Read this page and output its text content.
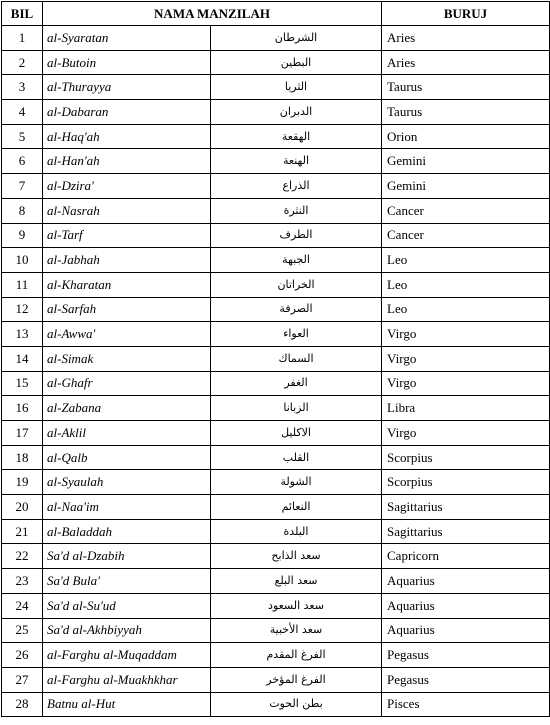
BIL	NAMA MANZILAH		BURUJ
1	al-Syaratan	الشرطان	Aries
2	al-Butoin	البطين	Aries
3	al-Thurayya	الثريا	Taurus
4	al-Dabaran	الدبران	Taurus
5	al-Haq'ah	الهقعة	Orion
6	al-Han'ah	الهنعة	Gemini
7	al-Dzira'	الذراع	Gemini
8	al-Nasrah	النثرة	Cancer
9	al-Tarf	الطرف	Cancer
10	al-Jabhah	الجبهة	Leo
11	al-Kharatan	الخراتان	Leo
12	al-Sarfah	الصرفة	Leo
13	al-Awwa'	العواء	Virgo
14	al-Simak	السماك	Virgo
15	al-Ghafr	الغفر	Virgo
16	al-Zabana	الزبانا	Libra
17	al-Aklil	الاكليل	Virgo
18	al-Qalb	القلب	Scorpius
19	al-Syaulah	الشولة	Scorpius
20	al-Naa'im	النعائم	Sagittarius
21	al-Baladdah	البلدة	Sagittarius
22	Sa'd al-Dzabih	سعد الذابح	Capricorn
23	Sa'd Bula'	سعد البلع	Aquarius
24	Sa'd al-Su'ud	سعد السعود	Aquarius
25	Sa'd al-Akhbiyyah	سعد الأخبية	Aquarius
26	al-Farghu al-Muqaddam	الفرغ المقدم	Pegasus
27	al-Farghu al-Muakhkhar	الفرغ المؤخر	Pegasus
28	Batnu al-Hut	بطن الحوت	Pisces
